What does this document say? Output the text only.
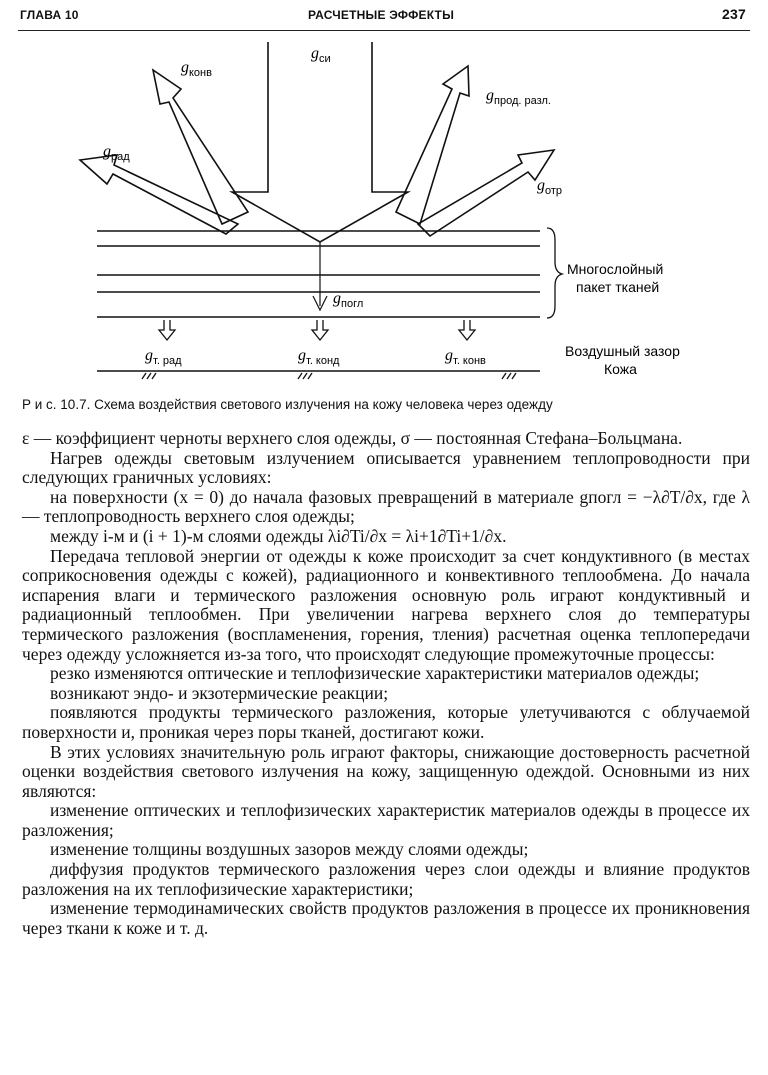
ГЛАВА 10	РАСЧЕТНЫЕ ЭФФЕКТЫ	237
$g_{си}$
$g_{конв}$
$g_{прод. разл.}$
$g_{рад}$
$g_{отр}$
$g_{погл}$
$g_{т. рад}$	$g_{т. конд}$	$g_{т. конв}$
Многослойный
пакет тканей
Воздушный зазор
Кожа
Р и с. 10.7. Схема воздействия светового излучения на кожу человека через одежду

ε — коэффициент черноты верхнего слоя одежды, σ — постоянная Стефана–Больцмана.

Нагрев одежды световым излучением описывается уравнением теплопроводности при следующих граничных условиях:

на поверхности (x = 0) до начала фазовых превращений в материале gпогл = −λ∂T/∂x, где λ — теплопроводность верхнего слоя одежды;

между i-м и (i + 1)-м слоями одежды λi∂Ti/∂x = λi+1∂Ti+1/∂x.

Передача тепловой энергии от одежды к коже происходит за счет кондуктивного (в местах соприкосновения одежды с кожей), радиационного и конвективного теплообмена. До начала испарения влаги и термического разложения основную роль играют кондуктивный и радиационный теплообмен. При увеличении нагрева верхнего слоя до температуры термического разложения (воспламенения, горения, тления) расчетная оценка теплопередачи через одежду усложняется из-за того, что происходят следующие промежуточные процессы:

резко изменяются оптические и теплофизические характеристики материалов одежды;

возникают эндо- и экзотермические реакции;

появляются продукты термического разложения, которые улетучиваются с облучаемой поверхности и, проникая через поры тканей, достигают кожи.

В этих условиях значительную роль играют факторы, снижающие достоверность расчетной оценки воздействия светового излучения на кожу, защищенную одеждой. Основными из них являются:

изменение оптических и теплофизических характеристик материалов одежды в процессе их разложения;

изменение толщины воздушных зазоров между слоями одежды;

диффузия продуктов термического разложения через слои одежды и влияние продуктов разложения на их теплофизические характеристики;

изменение термодинамических свойств продуктов разложения в процессе их проникновения через ткани к коже и т. д.
